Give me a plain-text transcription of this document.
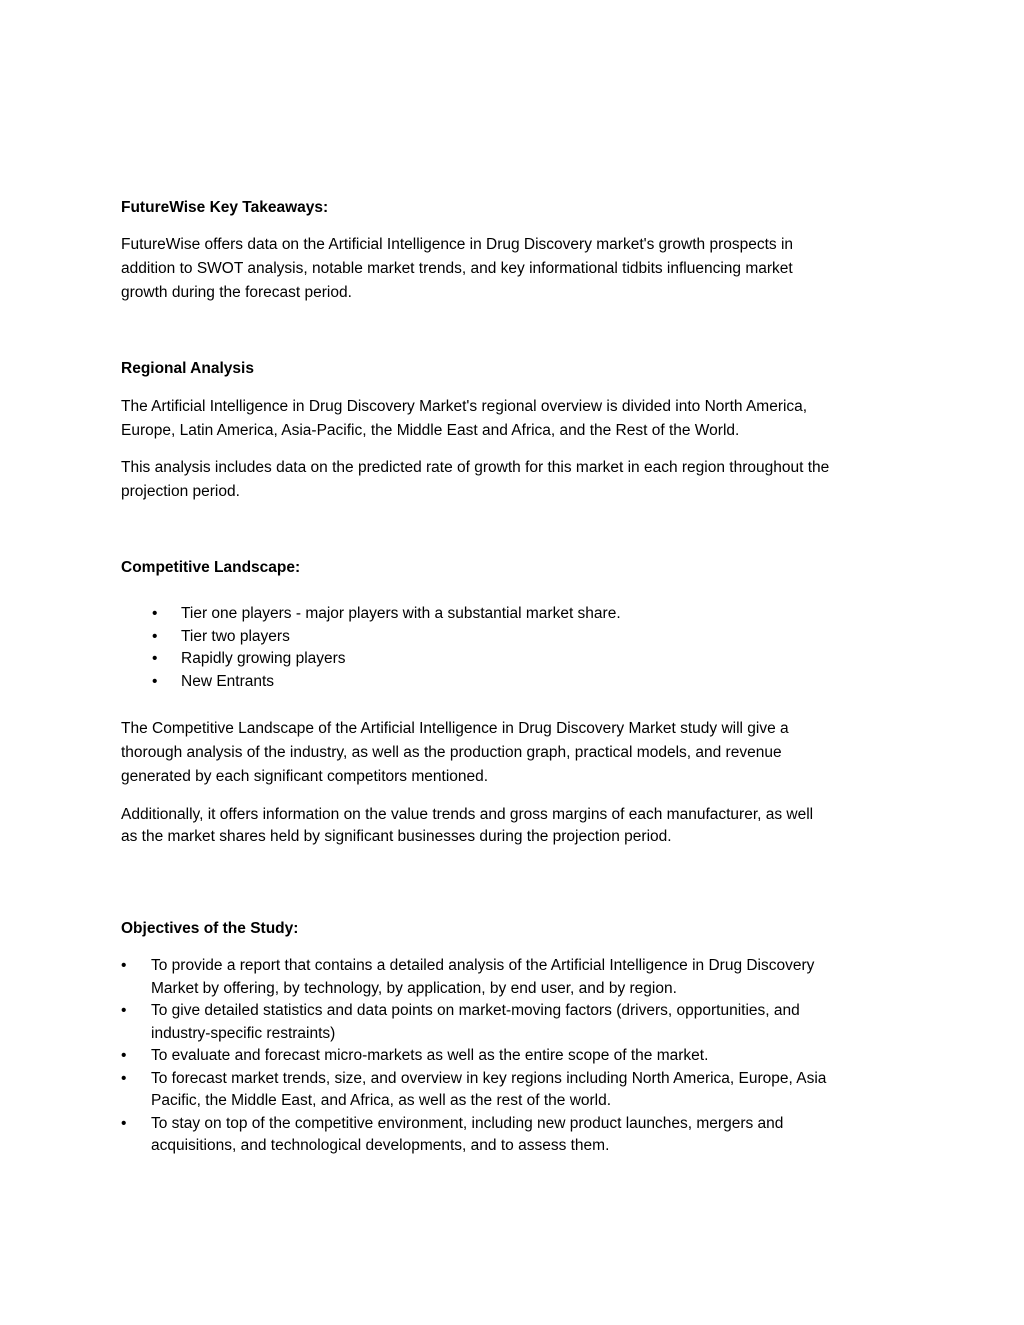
FutureWise Key Takeaways:
FutureWise offers data on the Artificial Intelligence in Drug Discovery market's growth prospects in
addition to SWOT analysis, notable market trends, and key informational tidbits influencing market
growth during the forecast period.
Regional Analysis
The Artificial Intelligence in Drug Discovery Market's regional overview is divided into North America,
Europe, Latin America, Asia-Pacific, the Middle East and Africa, and the Rest of the World.
This analysis includes data on the predicted rate of growth for this market in each region throughout the
projection period.
Competitive Landscape:
• Tier one players - major players with a substantial market share.
• Tier two players
• Rapidly growing players
• New Entrants
The Competitive Landscape of the Artificial Intelligence in Drug Discovery Market study will give a
thorough analysis of the industry, as well as the production graph, practical models, and revenue
generated by each significant competitors mentioned.
Additionally, it offers information on the value trends and gross margins of each manufacturer, as well
as the market shares held by significant businesses during the projection period.
Objectives of the Study:
• To provide a report that contains a detailed analysis of the Artificial Intelligence in Drug Discovery
Market by offering, by technology, by application, by end user, and by region.
• To give detailed statistics and data points on market-moving factors (drivers, opportunities, and
industry-specific restraints)
• To evaluate and forecast micro-markets as well as the entire scope of the market.
• To forecast market trends, size, and overview in key regions including North America, Europe, Asia
Pacific, the Middle East, and Africa, as well as the rest of the world.
• To stay on top of the competitive environment, including new product launches, mergers and
acquisitions, and technological developments, and to assess them.
